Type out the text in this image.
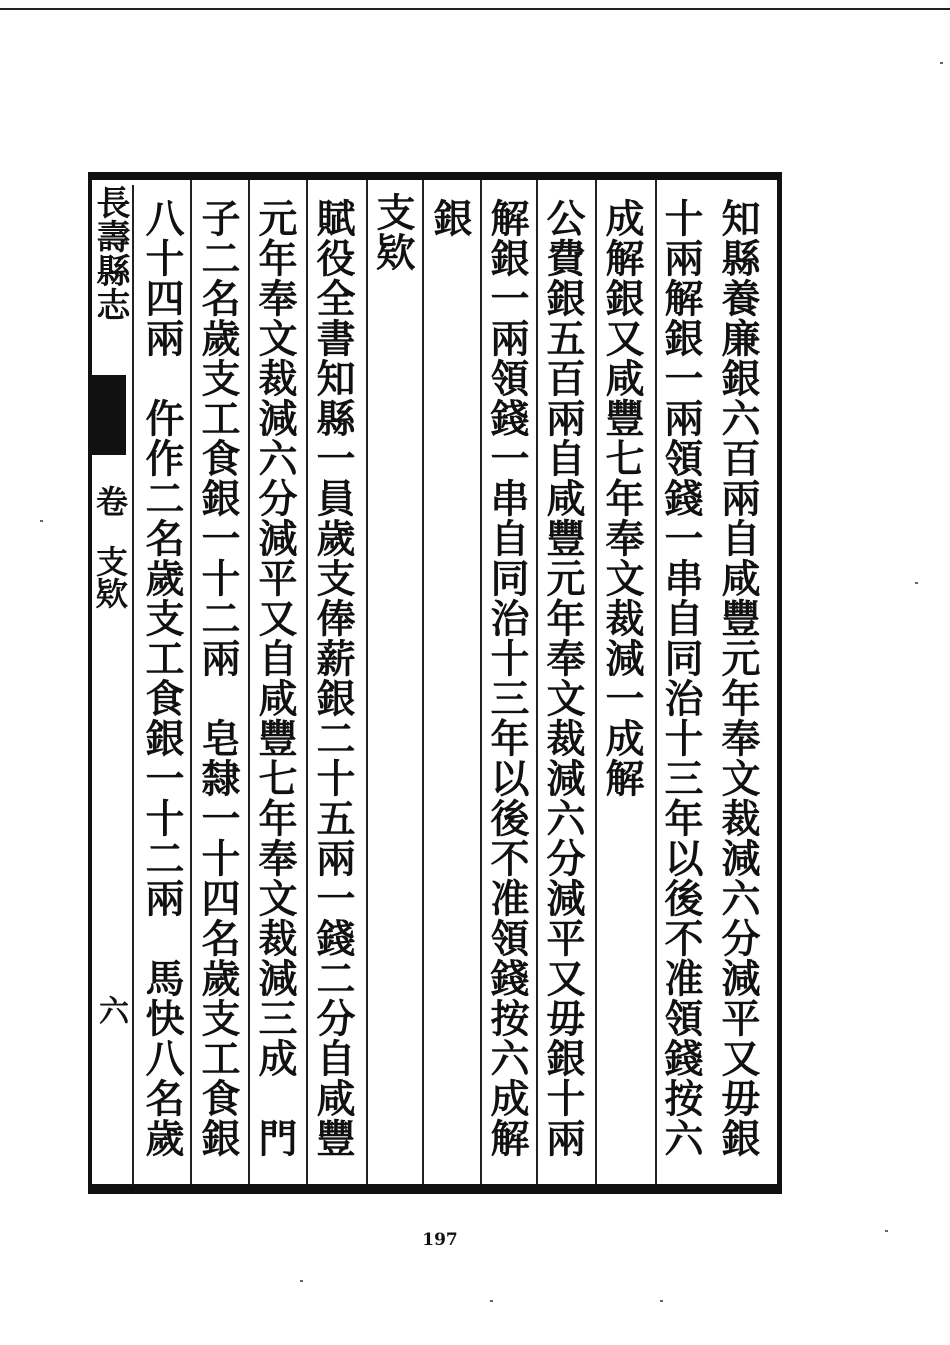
知縣養廉銀六百兩自咸豐元年奉文裁減六分減平又毋銀
十兩解銀一兩領錢一串自同治十三年以後不准領錢按六
成解銀又咸豐七年奉文裁減一成解
公費銀五百兩自咸豐元年奉文裁減六分減平又毋銀十兩
解銀一兩領錢一串自同治十三年以後不准領錢按六成解
銀
支欵
賦役全書知縣一員歲支俸薪銀二十五兩一錢二分自咸豐
元年奉文裁減六分減平又自咸豐七年奉文裁減三成　門
子二名歲支工食銀一十二兩　皂隸一十四名歲支工食銀
八十四兩　仵作二名歲支工食銀一十二兩　馬快八名歲
長壽縣志
卷
支欵
六
197
